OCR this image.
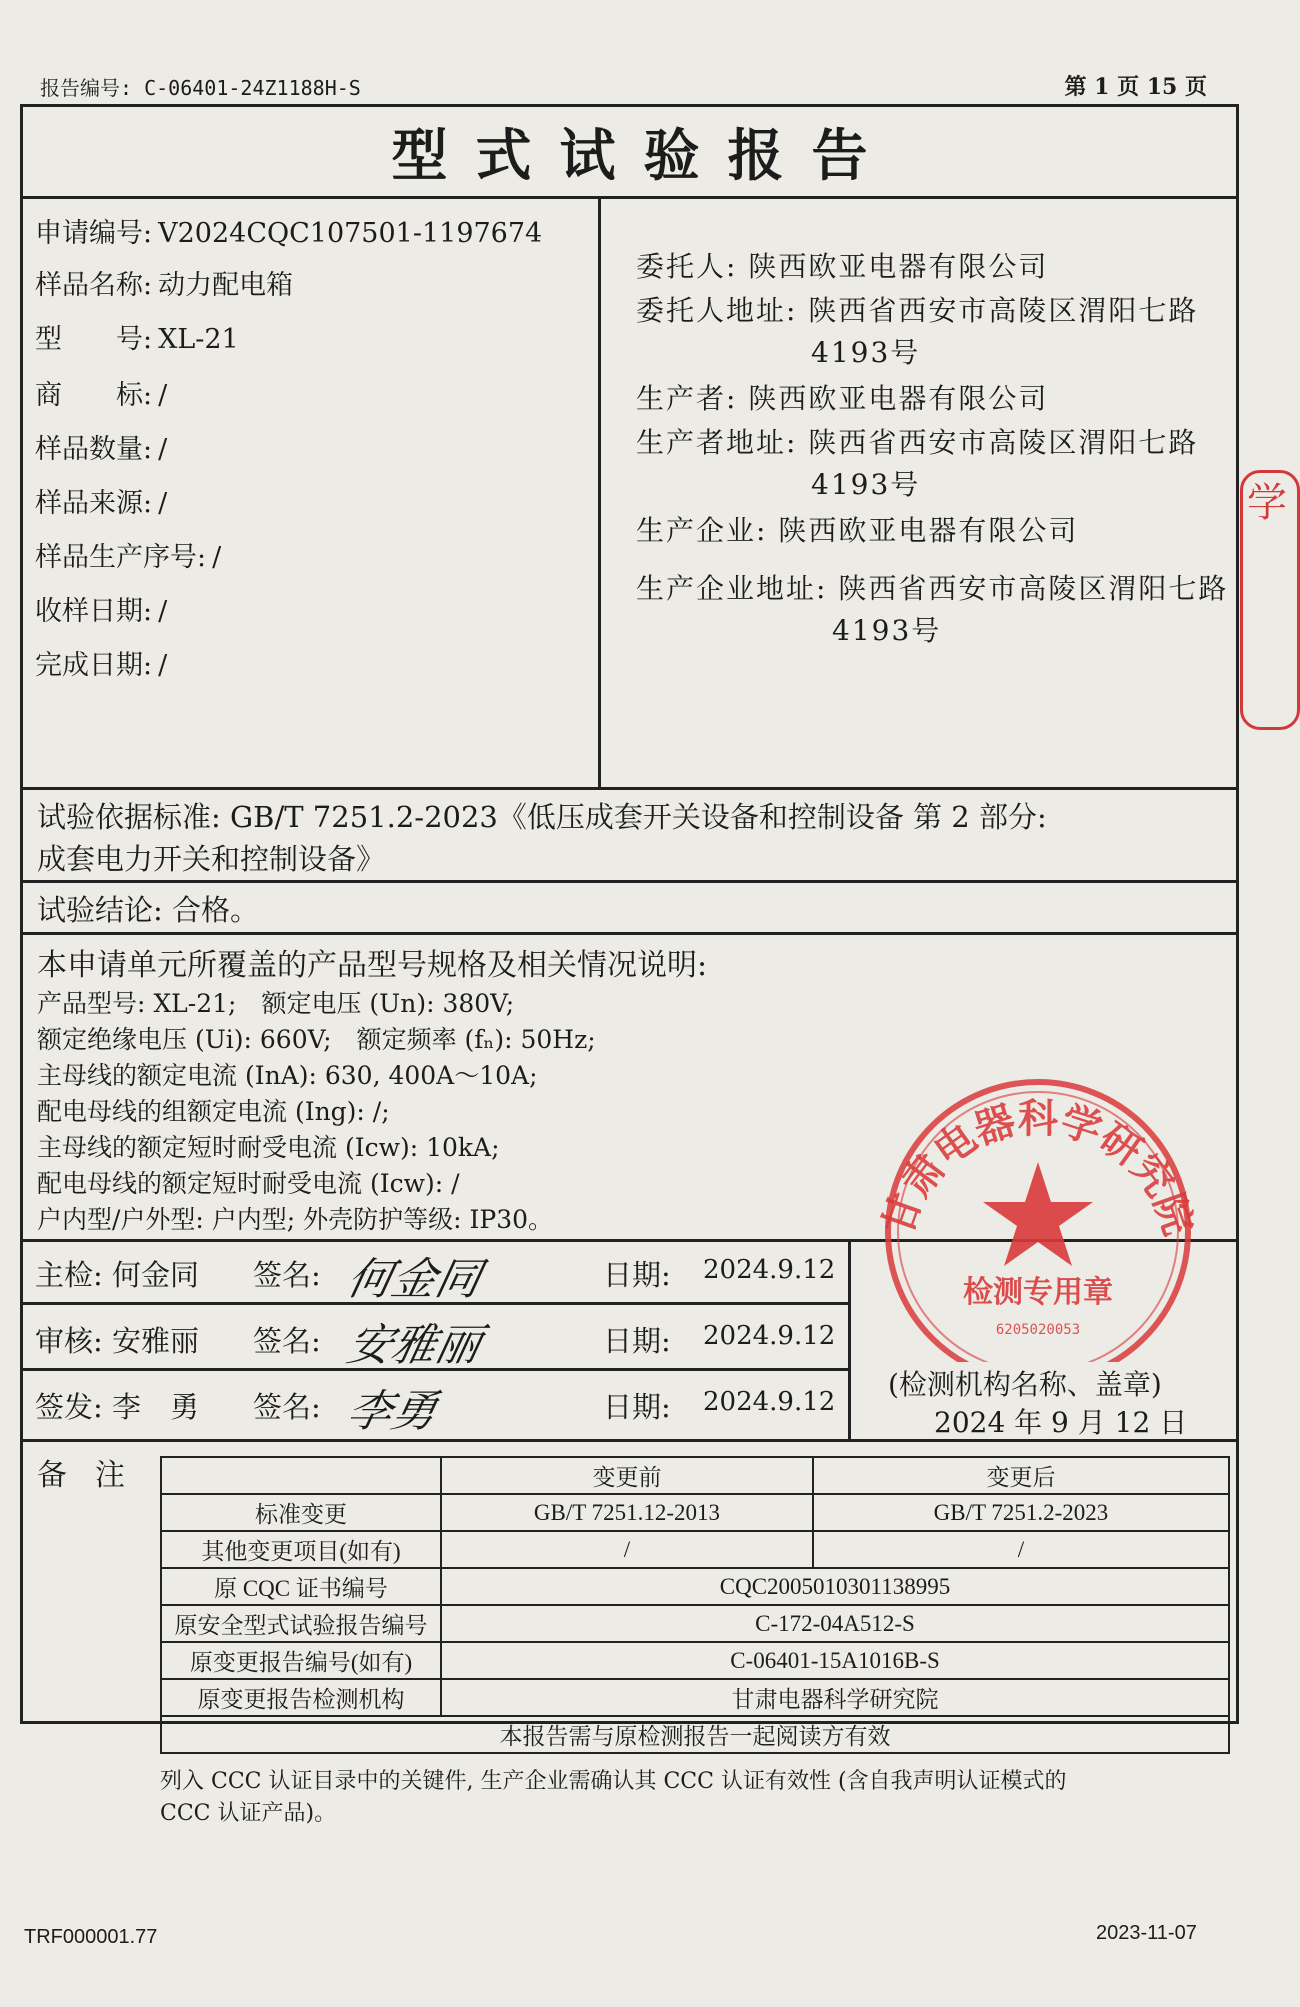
报告编号: C-06401-24Z1188H-S	第 1 页 15 页
型式试验报告
申请编号: V2024CQC107501-1197674
样品名称: 动力配电箱
型　　号: XL-21
商　　标: /
样品数量: /
样品来源: /
样品生产序号: /
收样日期: /
完成日期: /
委托人: 陕西欧亚电器有限公司
委托人地址: 陕西省西安市高陵区渭阳七路
4193号
生产者: 陕西欧亚电器有限公司
生产者地址: 陕西省西安市高陵区渭阳七路
4193号
生产企业: 陕西欧亚电器有限公司
生产企业地址: 陕西省西安市高陵区渭阳七路
4193号
试验依据标准: GB/T 7251.2-2023《低压成套开关设备和控制设备 第 2 部分:
成套电力开关和控制设备》
试验结论: 合格。
本申请单元所覆盖的产品型号规格及相关情况说明:
产品型号: XL-21;　额定电压 (Un): 380V;
额定绝缘电压 (Ui): 660V;　额定频率 (fₙ): 50Hz;
主母线的额定电流 (InA): 630, 400A～10A;
配电母线的组额定电流 (Ing): /;
主母线的额定短时耐受电流 (Icw): 10kA;
配电母线的额定短时耐受电流 (Icw): /
户内型/户外型: 户内型; 外壳防护等级: IP30。
主检: 何金同 签名: 何金同	日期: 2024.9.12
审核: 安雅丽 签名: 安雅丽	日期: 2024.9.12
签发: 李　勇 签名: 李勇	日期: 2024.9.12
(检测机构名称、盖章)
2024 年 9 月 12 日
备注
		变更前	变更后
标准变更	GB/T 7251.12-2013	GB/T 7251.2-2023
其他变更项目(如有)	/	/
原 CQC 证书编号	CQC2005010301138995	
原安全型式试验报告编号	C-172-04A512-S	
原变更报告编号(如有)	C-06401-15A1016B-S	
原变更报告检测机构	甘肃电器科学研究院	
本报告需与原检测报告一起阅读方有效		
列入 CCC 认证目录中的关键件, 生产企业需确认其 CCC 认证有效性 (含自我声明认证模式的
CCC 认证产品)。
甘肃电器科学研究院
检测专用章
6205020053
学
TRF000001.77	2023-11-07
